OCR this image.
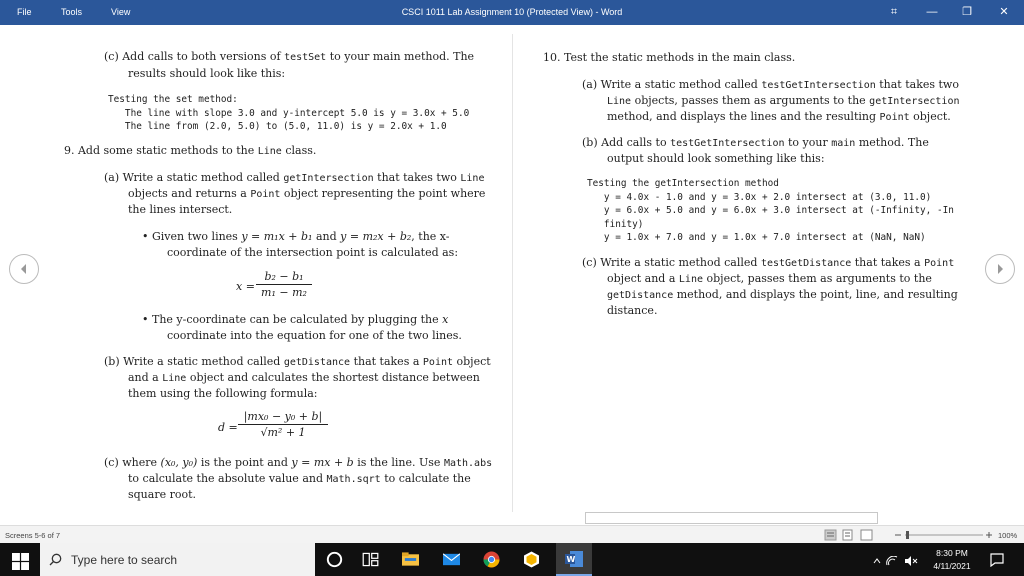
File	Tools	View	CSCI 1011 Lab Assignment 10 (Protected View) - Word	⌗	—	❐	✕
(c) Add calls to both versions of testSet to your main method. The
results should look like this:
Testing the set method:
The line with slope 3.0 and y-intercept 5.0 is y = 3.0x + 5.0
The line from (2.0, 5.0) to (5.0, 11.0) is y = 2.0x + 1.0
9. Add some static methods to the Line class.
(a) Write a static method called getIntersection that takes two Line
objects and returns a Point object representing the point where
the lines intersect.
• Given two lines y = m₁x + b₁ and y = m₂x + b₂, the x-
coordinate of the intersection point is calculated as:
x =
b₂ − b₁
m₁ − m₂
• The y-coordinate can be calculated by plugging the x
coordinate into the equation for one of the two lines.
(b) Write a static method called getDistance that takes a Point object
and a Line object and calculates the shortest distance between
them using the following formula:
d =
|mx₀ − y₀ + b|
√m² + 1
(c) where (x₀, y₀) is the point and y = mx + b is the line. Use Math.abs
to calculate the absolute value and Math.sqrt to calculate the
square root.
10. Test the static methods in the main class.
(a) Write a static method called testGetIntersection that takes two
Line objects, passes them as arguments to the getIntersection
method, and displays the lines and the resulting Point object.
(b) Add calls to testGetIntersection to your main method. The
output should look something like this:
Testing the getIntersection method
y = 4.0x - 1.0 and y = 3.0x + 2.0 intersect at (3.0, 11.0)
y = 6.0x + 5.0 and y = 6.0x + 3.0 intersect at (-Infinity, -In
finity)
y = 1.0x + 7.0 and y = 1.0x + 7.0 intersect at (NaN, NaN)
(c) Write a static method called testGetDistance that takes a Point
object and a Line object, passes them as arguments to the
getDistance method, and displays the point, line, and resulting
distance.
Screens 5-6 of 7	100%
Type here to search	W
8:30 PM
4/11/2021
